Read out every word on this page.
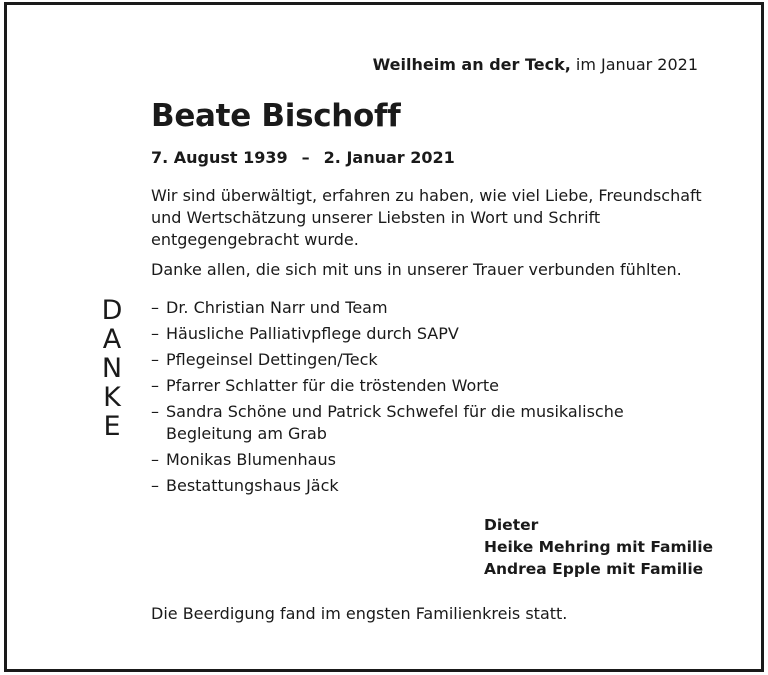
Weilheim an der Teck, im Januar 2021
Beate Bischoff
7. August 1939 – 2. Januar 2021
Wir sind überwältigt, erfahren zu haben, wie viel Liebe, Freundschaft und Wertschätzung unserer Liebsten in Wort und Schrift entgegengebracht wurde.
Danke allen, die sich mit uns in unserer Trauer verbunden fühlten.
D
A
N
K
E
– Dr. Christian Narr und Team
– Häusliche Palliativpflege durch SAPV
– Pflegeinsel Dettingen/Teck
– Pfarrer Schlatter für die tröstenden Worte
– Sandra Schöne und Patrick Schwefel für die musikalische Begleitung am Grab
– Monikas Blumenhaus
– Bestattungshaus Jäck
Dieter
Heike Mehring mit Familie
Andrea Epple mit Familie
Die Beerdigung fand im engsten Familienkreis statt.
